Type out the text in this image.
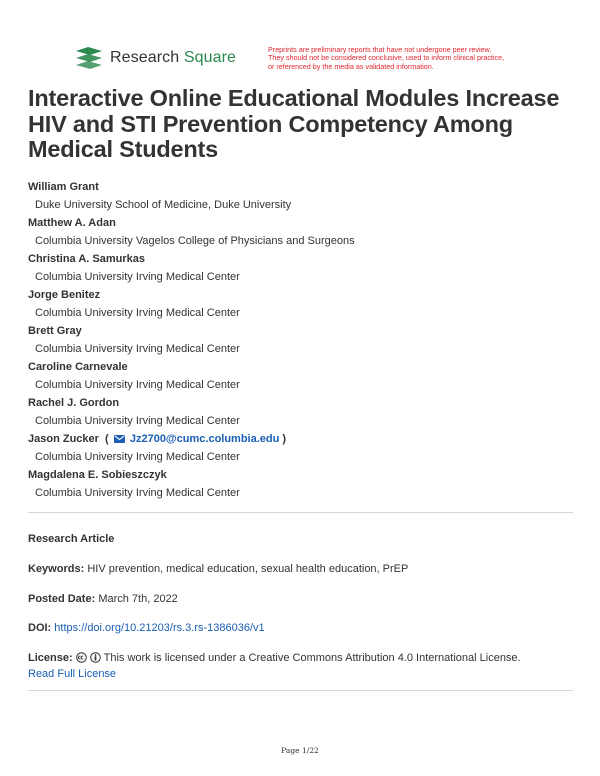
Research Square	Preprints are preliminary reports that have not undergone peer review.
They should not be considered conclusive, used to inform clinical practice,
or referenced by the media as validated information.
Interactive Online Educational Modules Increase HIV and STI Prevention Competency Among Medical Students
William Grant
Duke University School of Medicine, Duke University
Matthew A. Adan
Columbia University Vagelos College of Physicians and Surgeons
Christina A. Samurkas
Columbia University Irving Medical Center
Jorge Benitez
Columbia University Irving Medical Center
Brett Gray
Columbia University Irving Medical Center
Caroline Carnevale
Columbia University Irving Medical Center
Rachel J. Gordon
Columbia University Irving Medical Center
Jason Zucker  ( Jz2700@cumc.columbia.edu )
Columbia University Irving Medical Center
Magdalena E. Sobieszczyk
Columbia University Irving Medical Center
Research Article
Keywords: HIV prevention, medical education, sexual health education, PrEP
Posted Date: March 7th, 2022
DOI: https://doi.org/10.21203/rs.3.rs-1386036/v1
License:	This work is licensed under a Creative Commons Attribution 4.0 International License.
Read Full License
Page 1/22
